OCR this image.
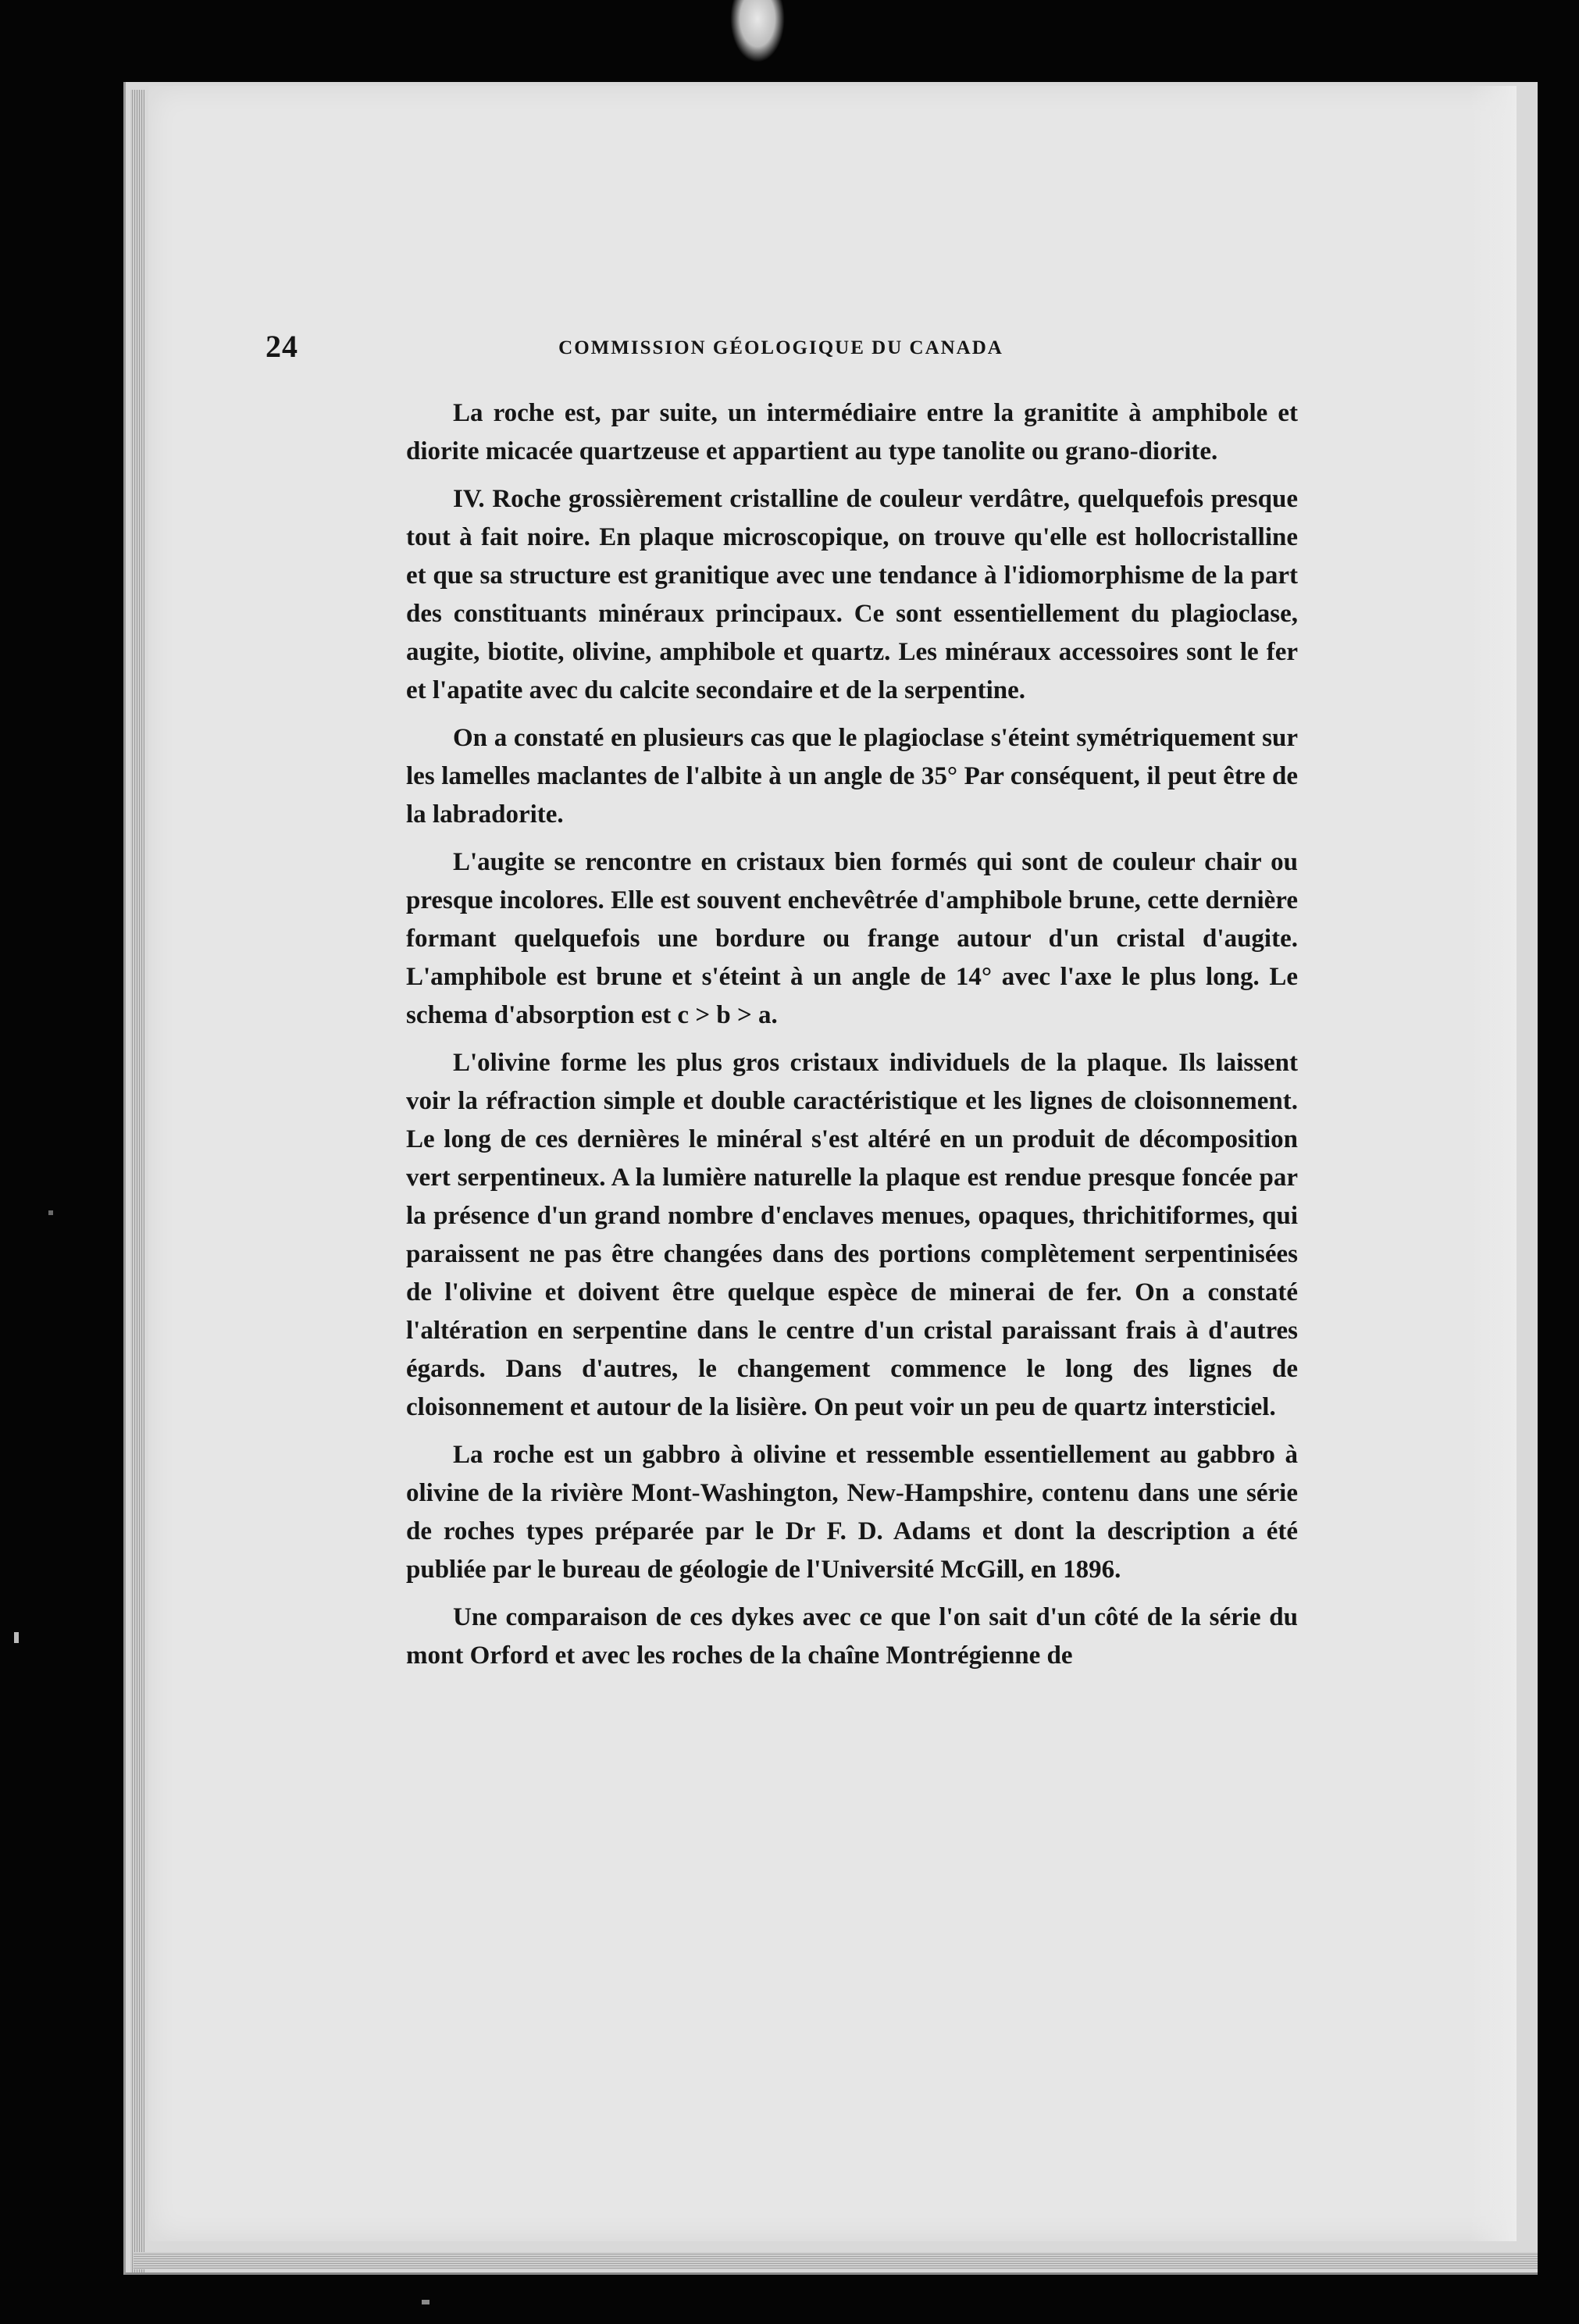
24	COMMISSION GÉOLOGIQUE DU CANADA

La roche est, par suite, un intermédiaire entre la granitite à amphibole et diorite micacée quartzeuse et appartient au type tanolite ou grano-diorite.

IV. Roche grossièrement cristalline de couleur verdâtre, quelquefois presque tout à fait noire. En plaque microscopique, on trouve qu'elle est hollocristalline et que sa structure est granitique avec une tendance à l'idiomorphisme de la part des constituants minéraux principaux. Ce sont essentiellement du plagioclase, augite, biotite, olivine, amphibole et quartz. Les minéraux accessoires sont le fer et l'apatite avec du calcite secondaire et de la serpentine.

On a constaté en plusieurs cas que le plagioclase s'éteint symétriquement sur les lamelles maclantes de l'albite à un angle de 35° Par conséquent, il peut être de la labradorite.

L'augite se rencontre en cristaux bien formés qui sont de couleur chair ou presque incolores. Elle est souvent enchevêtrée d'amphibole brune, cette dernière formant quelquefois une bordure ou frange autour d'un cristal d'augite. L'amphibole est brune et s'éteint à un angle de 14° avec l'axe le plus long. Le schema d'absorption est c > b > a.

L'olivine forme les plus gros cristaux individuels de la plaque. Ils laissent voir la réfraction simple et double caractéristique et les lignes de cloisonnement. Le long de ces dernières le minéral s'est altéré en un produit de décomposition vert serpentineux. A la lumière naturelle la plaque est rendue presque foncée par la présence d'un grand nombre d'enclaves menues, opaques, thrichitiformes, qui paraissent ne pas être changées dans des portions complètement serpentinisées de l'olivine et doivent être quelque espèce de minerai de fer. On a constaté l'altération en serpentine dans le centre d'un cristal paraissant frais à d'autres égards. Dans d'autres, le changement commence le long des lignes de cloisonnement et autour de la lisière. On peut voir un peu de quartz intersticiel.

La roche est un gabbro à olivine et ressemble essentiellement au gabbro à olivine de la rivière Mont-Washington, New-Hampshire, contenu dans une série de roches types préparée par le Dr F. D. Adams et dont la description a été publiée par le bureau de géologie de l'Université McGill, en 1896.

Une comparaison de ces dykes avec ce que l'on sait d'un côté de la série du mont Orford et avec les roches de la chaîne Montrégienne de
